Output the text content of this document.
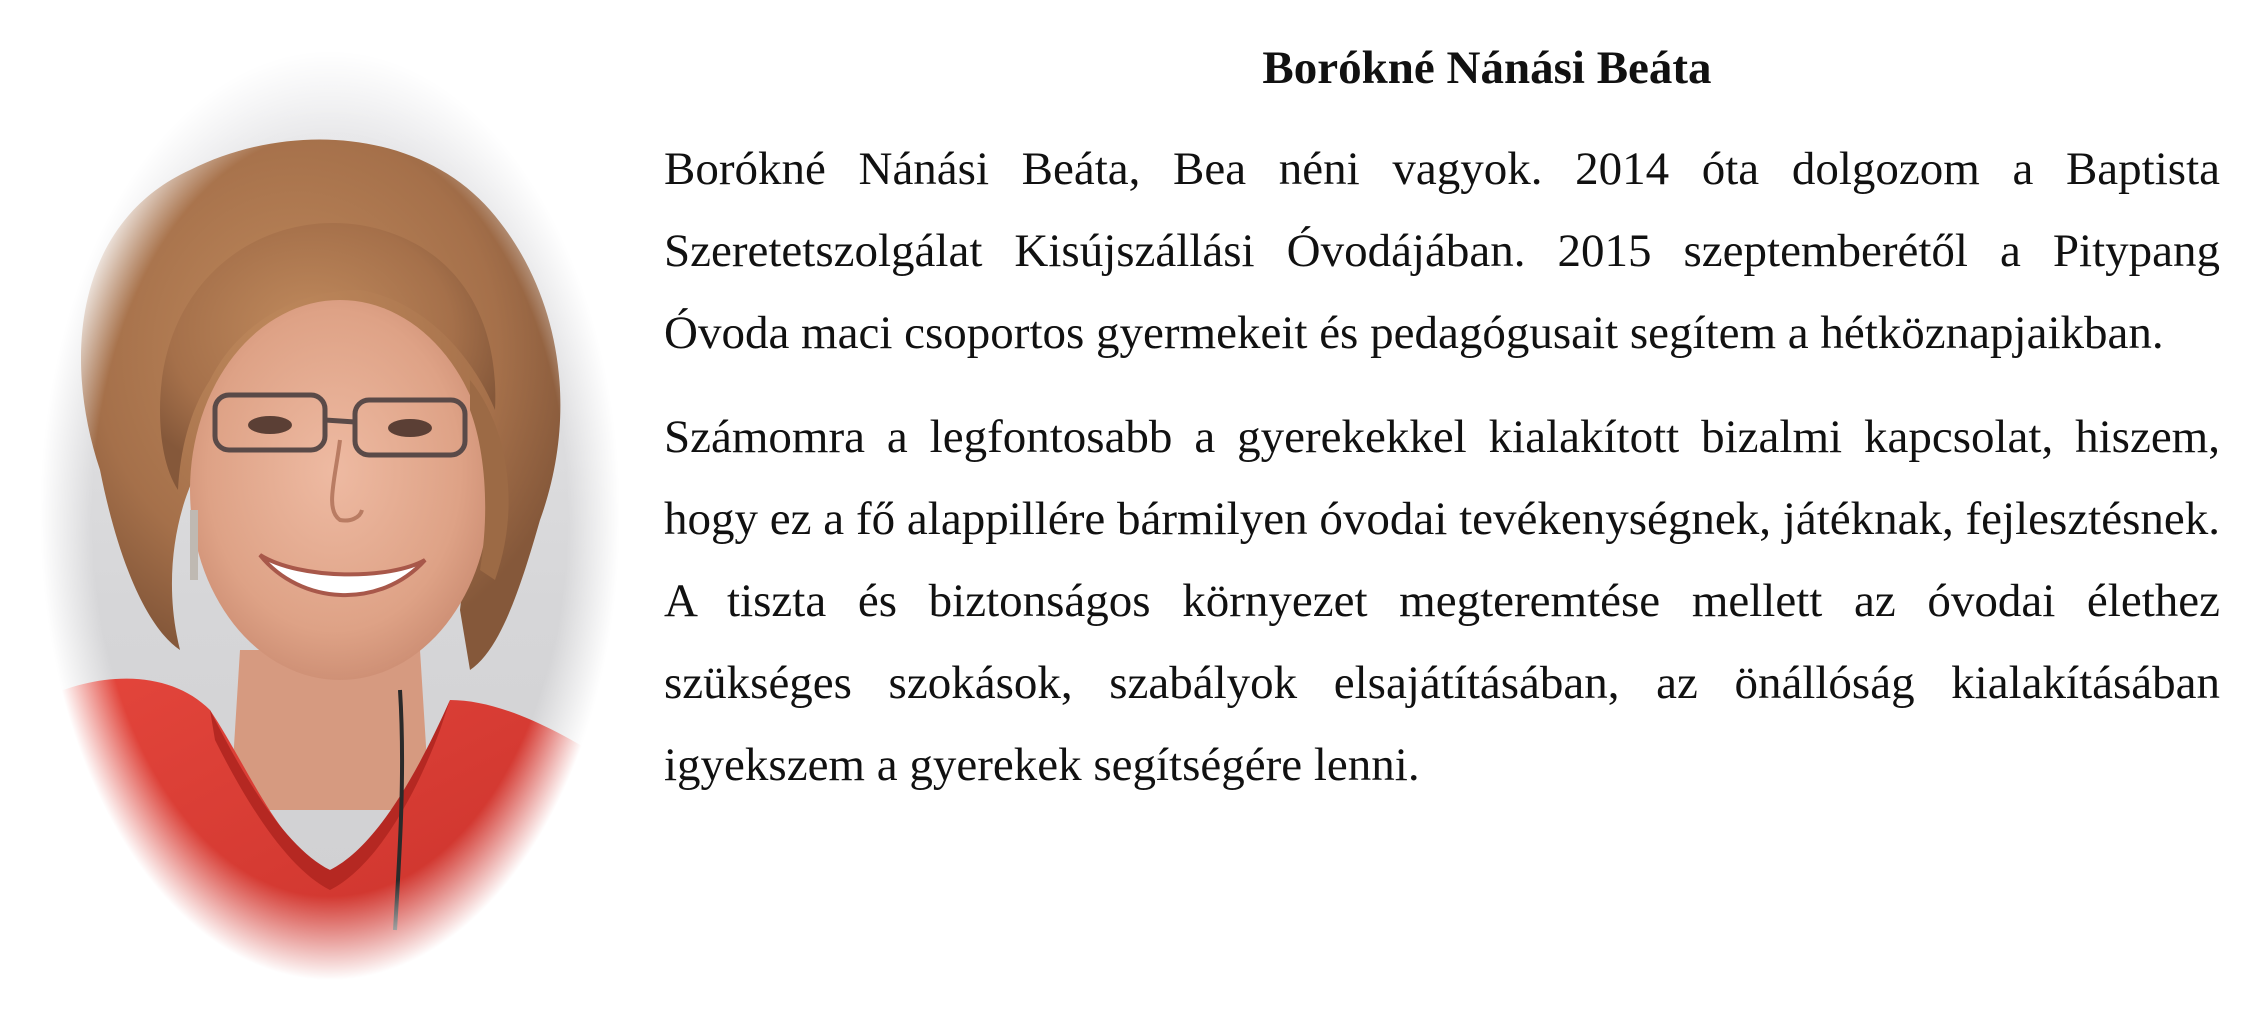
Borókné Nánási Beáta

Borókné Nánási Beáta, Bea néni vagyok. 2014 óta dolgozom a Baptista Szeretetszolgálat Kisújszállási Óvodájában. 2015 szeptemberétől a Pitypang Óvoda maci csoportos gyermekeit és pedagógusait segítem a hétköznapjaikban.

Számomra a legfontosabb a gyerekekkel kialakított bizalmi kapcsolat, hiszem, hogy ez a fő alappillére bármilyen óvodai tevékenységnek, játéknak, fejlesztésnek. A tiszta és biztonságos környezet megteremtése mellett az óvodai élethez szükséges szokások, szabályok elsajátításában, az önállóság kialakításában igyekszem a gyerekek segítségére lenni.
